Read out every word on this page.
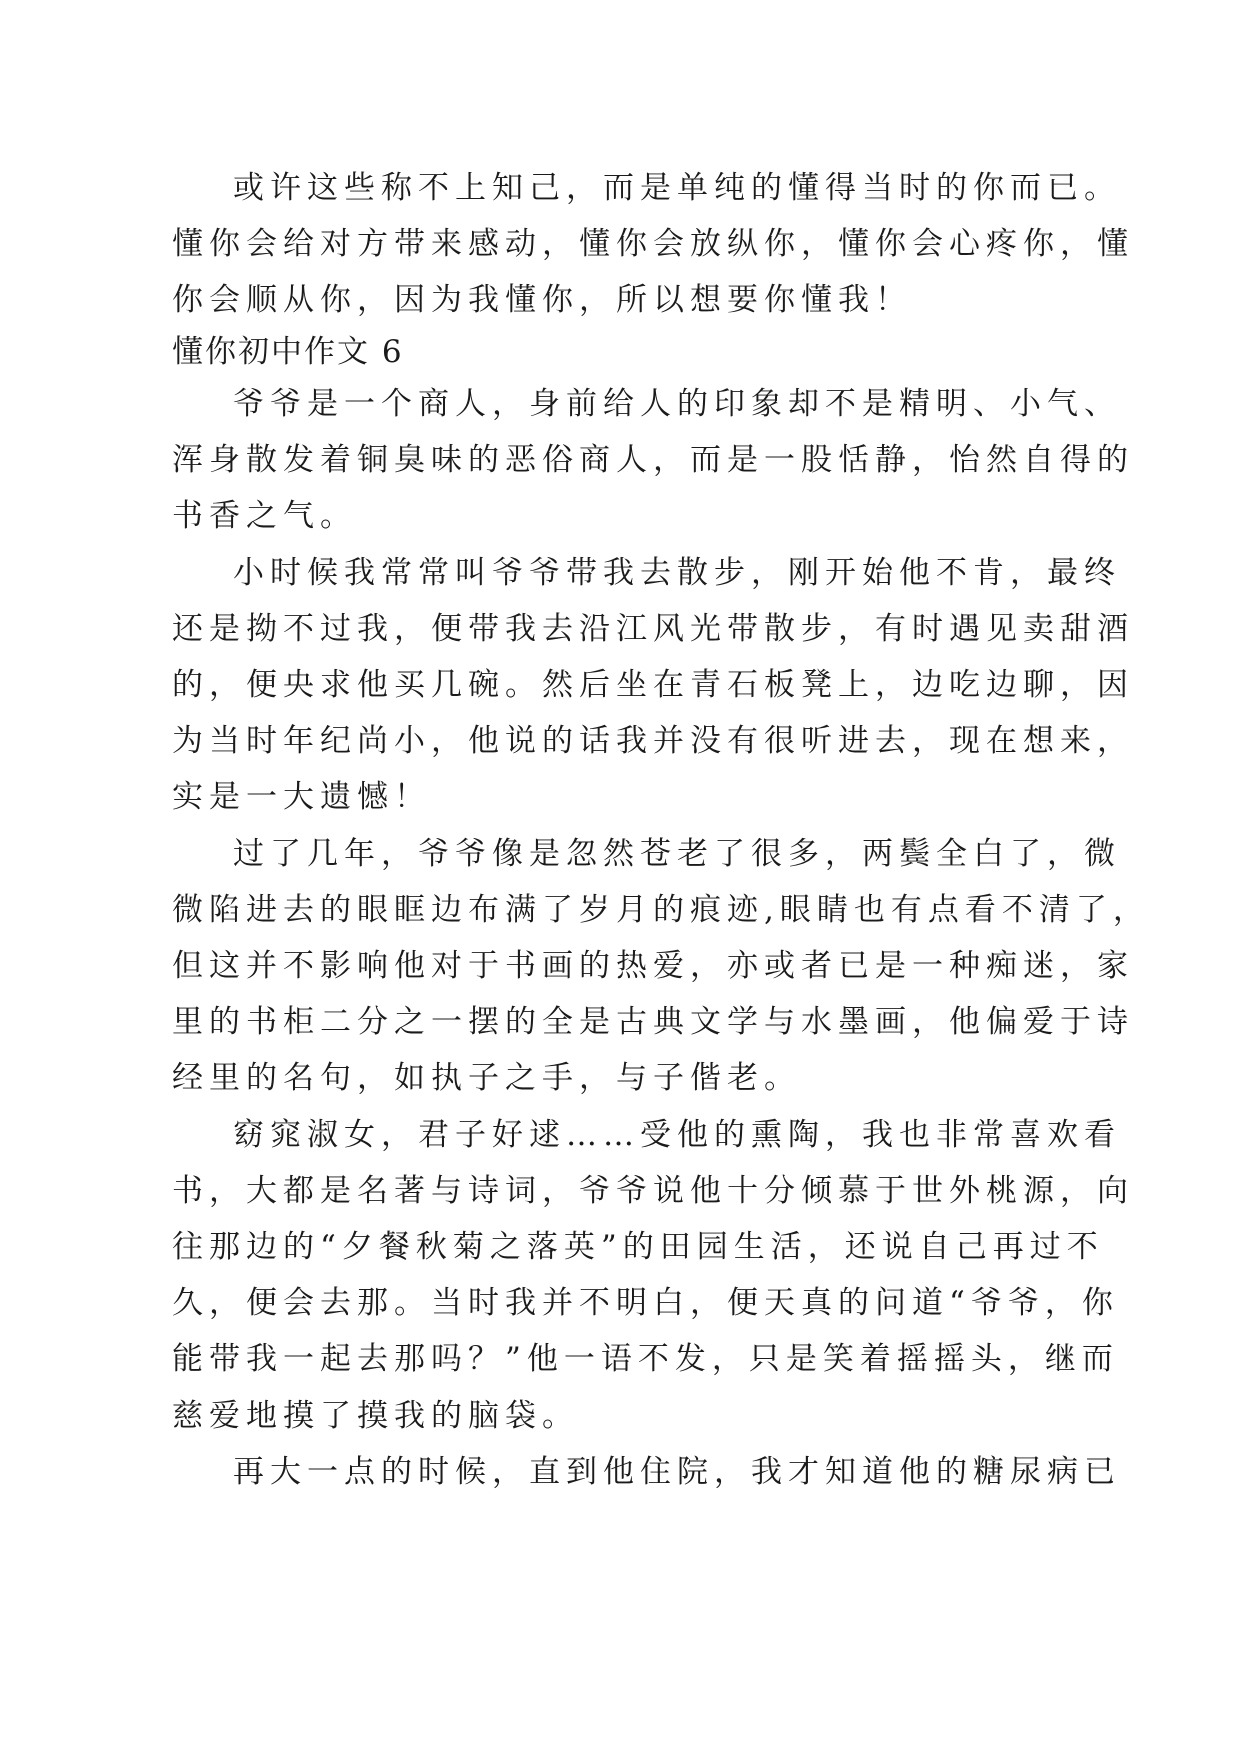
或许这些称不上知己，而是单纯的懂得当时的你而已。
懂你会给对方带来感动，懂你会放纵你，懂你会心疼你，懂
你会顺从你，因为我懂你，所以想要你懂我！
懂你初中作文 6
爷爷是一个商人，身前给人的印象却不是精明、小气、
浑身散发着铜臭味的恶俗商人，而是一股恬静，怡然自得的
书香之气。
小时候我常常叫爷爷带我去散步，刚开始他不肯，最终
还是拗不过我，便带我去沿江风光带散步，有时遇见卖甜酒
的，便央求他买几碗。然后坐在青石板凳上，边吃边聊，因
为当时年纪尚小，他说的话我并没有很听进去，现在想来，
实是一大遗憾！
过了几年，爷爷像是忽然苍老了很多，两鬓全白了，微
微陷进去的眼眶边布满了岁月的痕迹,眼睛也有点看不清了，
但这并不影响他对于书画的热爱，亦或者已是一种痴迷，家
里的书柜二分之一摆的全是古典文学与水墨画，他偏爱于诗
经里的名句，如执子之手，与子偕老。
窈窕淑女，君子好逑……受他的熏陶，我也非常喜欢看
书，大都是名著与诗词，爷爷说他十分倾慕于世外桃源，向
往那边的“夕餐秋菊之落英”的田园生活，还说自己再过不
久，便会去那。当时我并不明白，便天真的问道“爷爷，你
能带我一起去那吗？”他一语不发，只是笑着摇摇头，继而
慈爱地摸了摸我的脑袋。
再大一点的时候，直到他住院，我才知道他的糖尿病已
